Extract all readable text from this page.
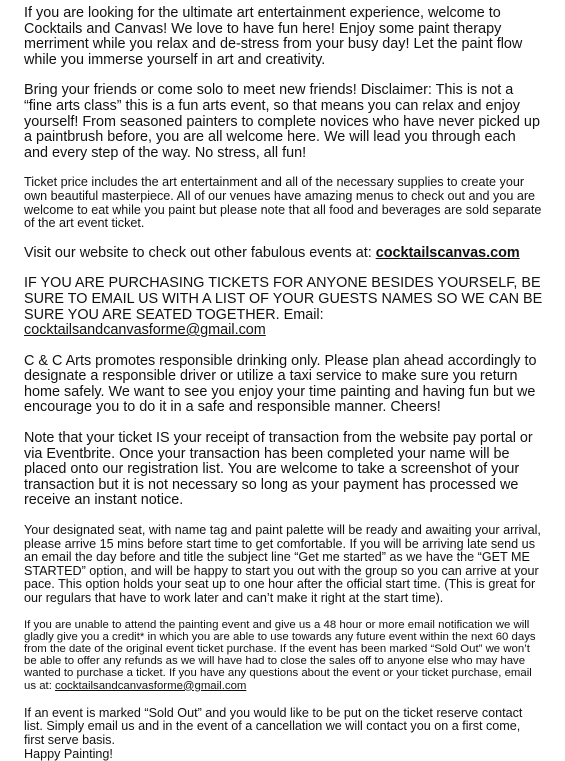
If you are looking for the ultimate art entertainment experience, welcome to Cocktails and Canvas! We love to have fun here! Enjoy some paint therapy merriment while you relax and de-stress from your busy day! Let the paint flow while you immerse yourself in art and creativity.

Bring your friends or come solo to meet new friends! Disclaimer: This is not a “fine arts class” this is a fun arts event, so that means you can relax and enjoy yourself! From seasoned painters to complete novices who have never picked up a paintbrush before, you are all welcome here. We will lead you through each and every step of the way. No stress, all fun!

Ticket price includes the art entertainment and all of the necessary supplies to create your own beautiful masterpiece. All of our venues have amazing menus to check out and you are welcome to eat while you paint but please note that all food and beverages are sold separate of the art event ticket.

Visit our website to check out other fabulous events at: cocktailscanvas.com

IF YOU ARE PURCHASING TICKETS FOR ANYONE BESIDES YOURSELF, BE SURE TO EMAIL US WITH A LIST OF YOUR GUESTS NAMES SO WE CAN BE SURE YOU ARE SEATED TOGETHER. Email: cocktailsandcanvasforme@gmail.com

C & C Arts promotes responsible drinking only. Please plan ahead accordingly to designate a responsible driver or utilize a taxi service to make sure you return home safely. We want to see you enjoy your time painting and having fun but we encourage you to do it in a safe and responsible manner. Cheers!

Note that your ticket IS your receipt of transaction from the website pay portal or via Eventbrite. Once your transaction has been completed your name will be placed onto our registration list. You are welcome to take a screenshot of your transaction but it is not necessary so long as your payment has processed we receive an instant notice.

Your designated seat, with name tag and paint palette will be ready and awaiting your arrival, please arrive 15 mins before start time to get comfortable. If you will be arriving late send us an email the day before and title the subject line “Get me started” as we have the “GET ME STARTED” option, and will be happy to start you out with the group so you can arrive at your pace. This option holds your seat up to one hour after the official start time. (This is great for our regulars that have to work later and can’t make it right at the start time).

If you are unable to attend the painting event and give us a 48 hour or more email notification we will gladly give you a credit* in which you are able to use towards any future event within the next 60 days from the date of the original event ticket purchase. If the event has been marked “Sold Out” we won’t be able to offer any refunds as we will have had to close the sales off to anyone else who may have wanted to purchase a ticket. If you have any questions about the event or your ticket purchase, email us at: cocktailsandcanvasforme@gmail.com

If an event is marked “Sold Out” and you would like to be put on the ticket reserve contact list. Simply email us and in the event of a cancellation we will contact you on a first come, first serve basis.

Happy Painting!
